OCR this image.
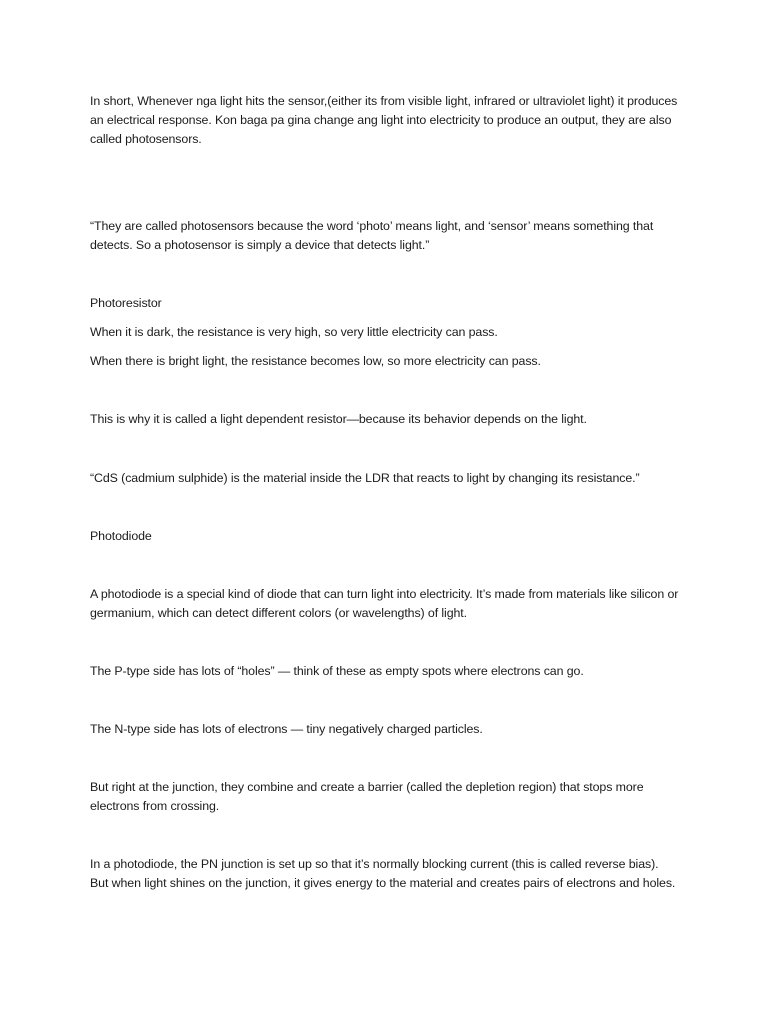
In short, Whenever nga light hits the sensor,(either its from visible light, infrared or ultraviolet light) it produces an electrical response. Kon baga pa gina change ang light into electricity to produce an output, they are also called photosensors.

“They are called photosensors because the word ‘photo’ means light, and ‘sensor’ means something that detects. So a photosensor is simply a device that detects light.”

Photoresistor

When it is dark, the resistance is very high, so very little electricity can pass.

When there is bright light, the resistance becomes low, so more electricity can pass.

This is why it is called a light dependent resistor—because its behavior depends on the light.

“CdS (cadmium sulphide) is the material inside the LDR that reacts to light by changing its resistance.”

Photodiode

A photodiode is a special kind of diode that can turn light into electricity. It’s made from materials like silicon or germanium, which can detect different colors (or wavelengths) of light.

The P-type side has lots of “holes” — think of these as empty spots where electrons can go.

The N-type side has lots of electrons — tiny negatively charged particles.

But right at the junction, they combine and create a barrier (called the depletion region) that stops more electrons from crossing.

In a photodiode, the PN junction is set up so that it’s normally blocking current (this is called reverse bias). But when light shines on the junction, it gives energy to the material and creates pairs of electrons and holes.
